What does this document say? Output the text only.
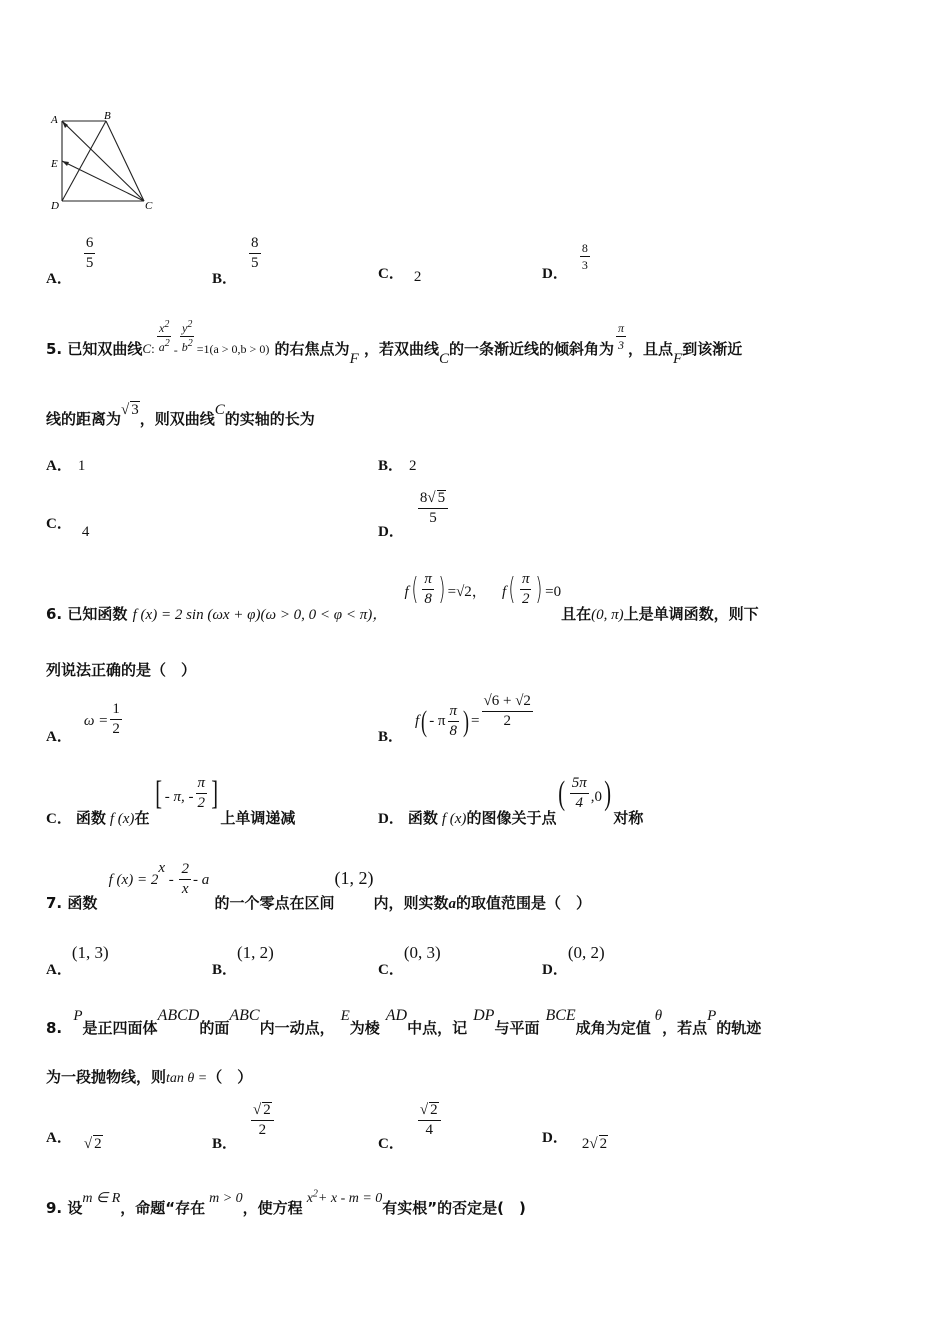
A	B
E
D	C
A．
$\frac{6}{5}$
B．
$\frac{8}{5}$
C． 2	D．
$\frac{8}{3}$
5. 已知双曲线C: $\frac{x^2}{a^2} _- \frac{y^2}{b^2} _{=1(a > 0,b > 0)}$ 的右焦点为F ，若双曲线C的一条渐近线的倾斜角为 $\frac{\pi}{3}$ ，且点F到该渐近
线的距离为√ 3，则双曲线C的实轴的长为
A． 1	B． 2
C． 4	D．
$\frac{8√ 5}{5}$
6. 已知函数 f (x) = 2 sin (ωx + φ)(ω > 0, 0 < φ < π)， $f( \frac{\pi}{8}$ ) =√2， $f( \frac{\pi}{2}$ ) =0且在(0, π)上是单调函数，则下
列说法正确的是（　）
A． $\omega = \frac{1}{2}$
B． f( - π $\frac{\pi}{8}$ ) = $\frac{√6 + √2}{2}$
C． 函数 f (x)在 [ - π, - $\frac{\pi}{2}$ ]上单调递减	D． 函数 f (x)的图像关于点( $\frac{5\pi}{4} ,0$)对称
7. 函数 f $(x) = 2^x - \frac{2}{x} - a$ 的一个零点在区间(1, 2)内，则实数a的取值范围是（　）
A．(1, 3)
B．(1, 2)
C．(0, 3)
D．(0, 2)
8. P是正四面体ABCD的面ABC内一动点，E为棱AD中点，记DP与平面BCE成角为定值θ，若点P的轨迹
为一段抛物线，则tan θ =（　）
A． √ 2	B．
$\frac{√ 2}{2}$
C．
$\frac{√ 2}{4}$	D． 2√ 2
9. 设m ∈ R，命题“存在m > 0，使方程$x^2+ x - m = 0$有实根”的否定是(　)
